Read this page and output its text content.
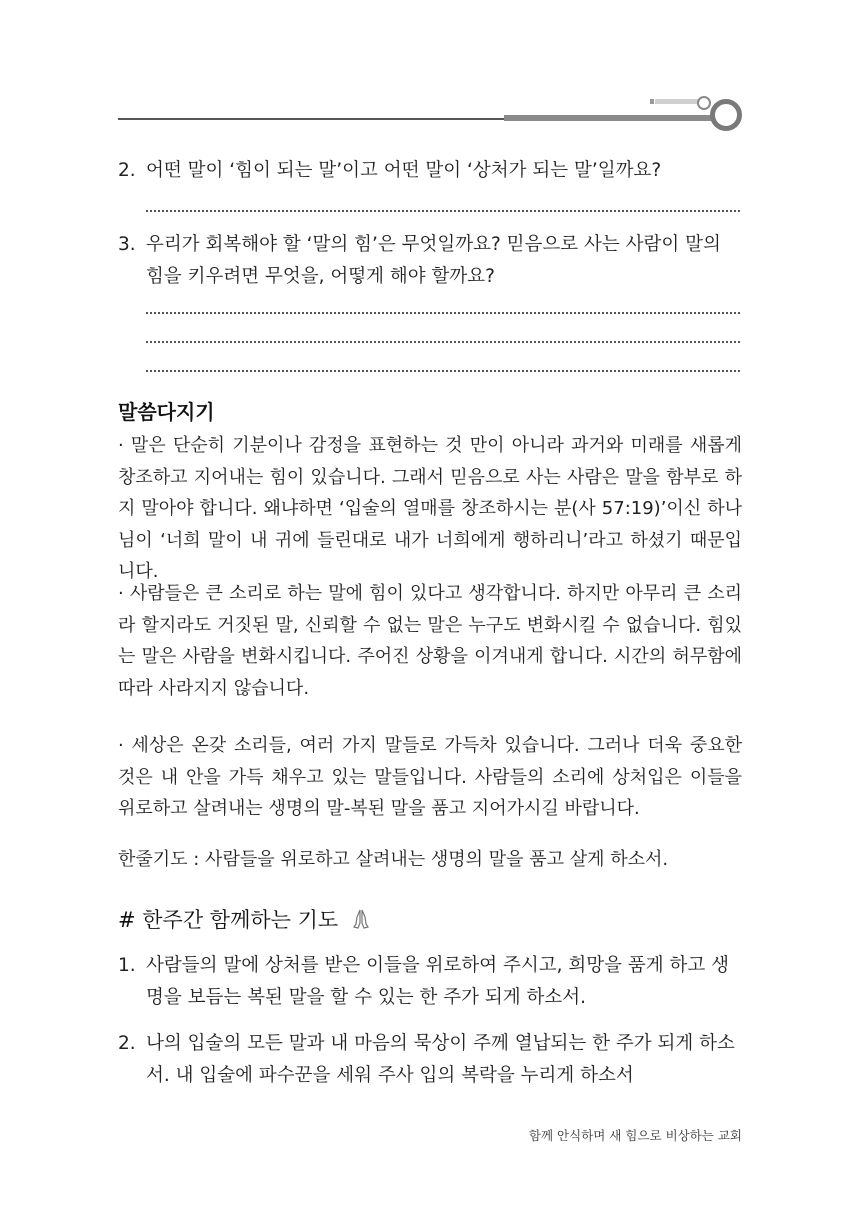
2. 어떤 말이 ‘힘이 되는 말’이고 어떤 말이 ‘상처가 되는 말’일까요?
3. 우리가 회복해야 할 ‘말의 힘’은 무엇일까요? 믿음으로 사는 사람이 말의 힘을 키우려면 무엇을, 어떻게 해야 할까요?
말씀다지기
· 말은 단순히 기분이나 감정을 표현하는 것 만이 아니라 과거와 미래를 새롭게 창조하고 지어내는 힘이 있습니다. 그래서 믿음으로 사는 사람은 말을 함부로 하지 말아야 합니다. 왜냐하면 ‘입술의 열매를 창조하시는 분(사 57:19)’이신 하나님이 ‘너희 말이 내 귀에 들린대로 내가 너희에게 행하리니’라고 하셨기 때문입니다.
· 사람들은 큰 소리로 하는 말에 힘이 있다고 생각합니다. 하지만 아무리 큰 소리라 할지라도 거짓된 말, 신뢰할 수 없는 말은 누구도 변화시킬 수 없습니다. 힘있는 말은 사람을 변화시킵니다. 주어진 상황을 이겨내게 합니다. 시간의 허무함에 따라 사라지지 않습니다.
· 세상은 온갖 소리들, 여러 가지 말들로 가득차 있습니다. 그러나 더욱 중요한 것은 내 안을 가득 채우고 있는 말들입니다. 사람들의 소리에 상처입은 이들을 위로하고 살려내는 생명의 말-복된 말을 품고 지어가시길 바랍니다.
한줄기도 : 사람들을 위로하고 살려내는 생명의 말을 품고 살게 하소서.
# 한주간 함께하는 기도
1. 사람들의 말에 상처를 받은 이들을 위로하여 주시고, 희망을 품게 하고 생명을 보듬는 복된 말을 할 수 있는 한 주가 되게 하소서.
2. 나의 입술의 모든 말과 내 마음의 묵상이 주께 열납되는 한 주가 되게 하소서. 내 입술에 파수꾼을 세워 주사 입의 복락을 누리게 하소서
함께 안식하며 새 힘으로 비상하는 교회
